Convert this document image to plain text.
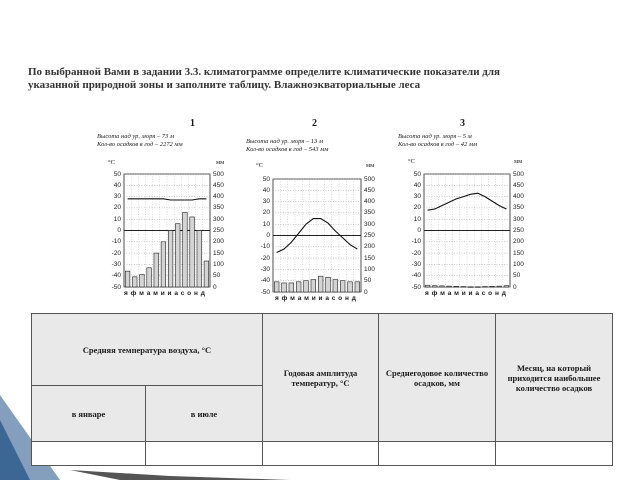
По выбранной Вами в задании 3.3. климатограмме определите климатические показатели для
указанной природной зоны и заполните таблицу. Влажноэкваториальные леса
1
Высота над ур. моря – 73 м
Кол-во осадков в год – 2272 мм
°C	мм
50
40
30
20
10
0
-10
-20
-30
-40
-50
500
450
400
350
300
250
200
150
100
50
0
я ф м а м и и а с о н д
2
Высота над ур. моря – 13 м
Кол-во осадков в год – 543 мм
°C	мм
50
40
30
20
10
0
-10
-20
-30
-40
-50
500
450
400
350
300
250
200
150
100
50
0
я ф м а м и и а с о н д
3
Высота над ур. моря – 5 м
Кол-во осадков в год – 42 мм
°C	мм
50
40
30
20
10
0
-10
-20
-30
-40
-50
500
450
400
350
300
250
200
150
100
50
0
я ф м а м и и а с о н д
Средняя температура воздуха, °С		Годовая амплитуда температур, °С	Среднегодовое количество осадков, мм	Месяц, на который приходится наибольшее количество осадков
в январе	в июле			
